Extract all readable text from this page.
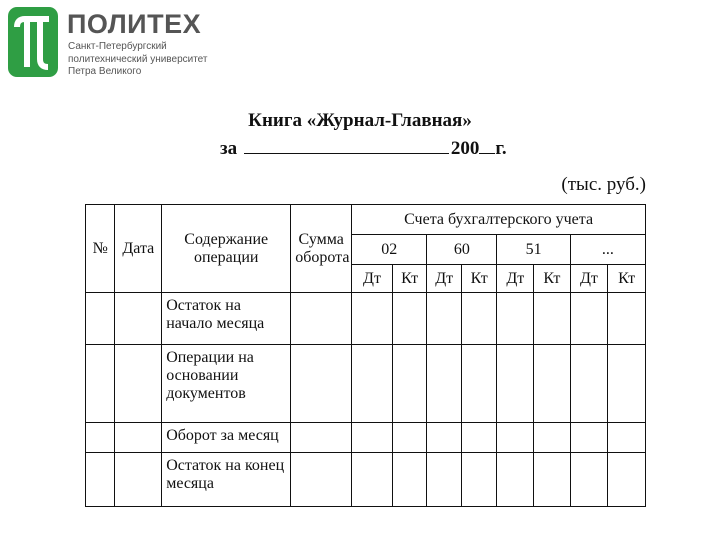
ПОЛИТЕХ
Санкт-Петербургский
политехнический университет
Петра Великого
Книга «Журнал-Главная»
за	200 г.
(тыс. руб.)
№	Дата	Содержание операции	Сумма оборота	Счета бухгалтерского учета							
				02		60		51		...	
				Дт	Кт	Дт	Кт	Дт	Кт	Дт	Кт
		Остаток на начало месяца									
		Операции на основании документов									
		Оборот за месяц									
		Остаток на конец месяца									
